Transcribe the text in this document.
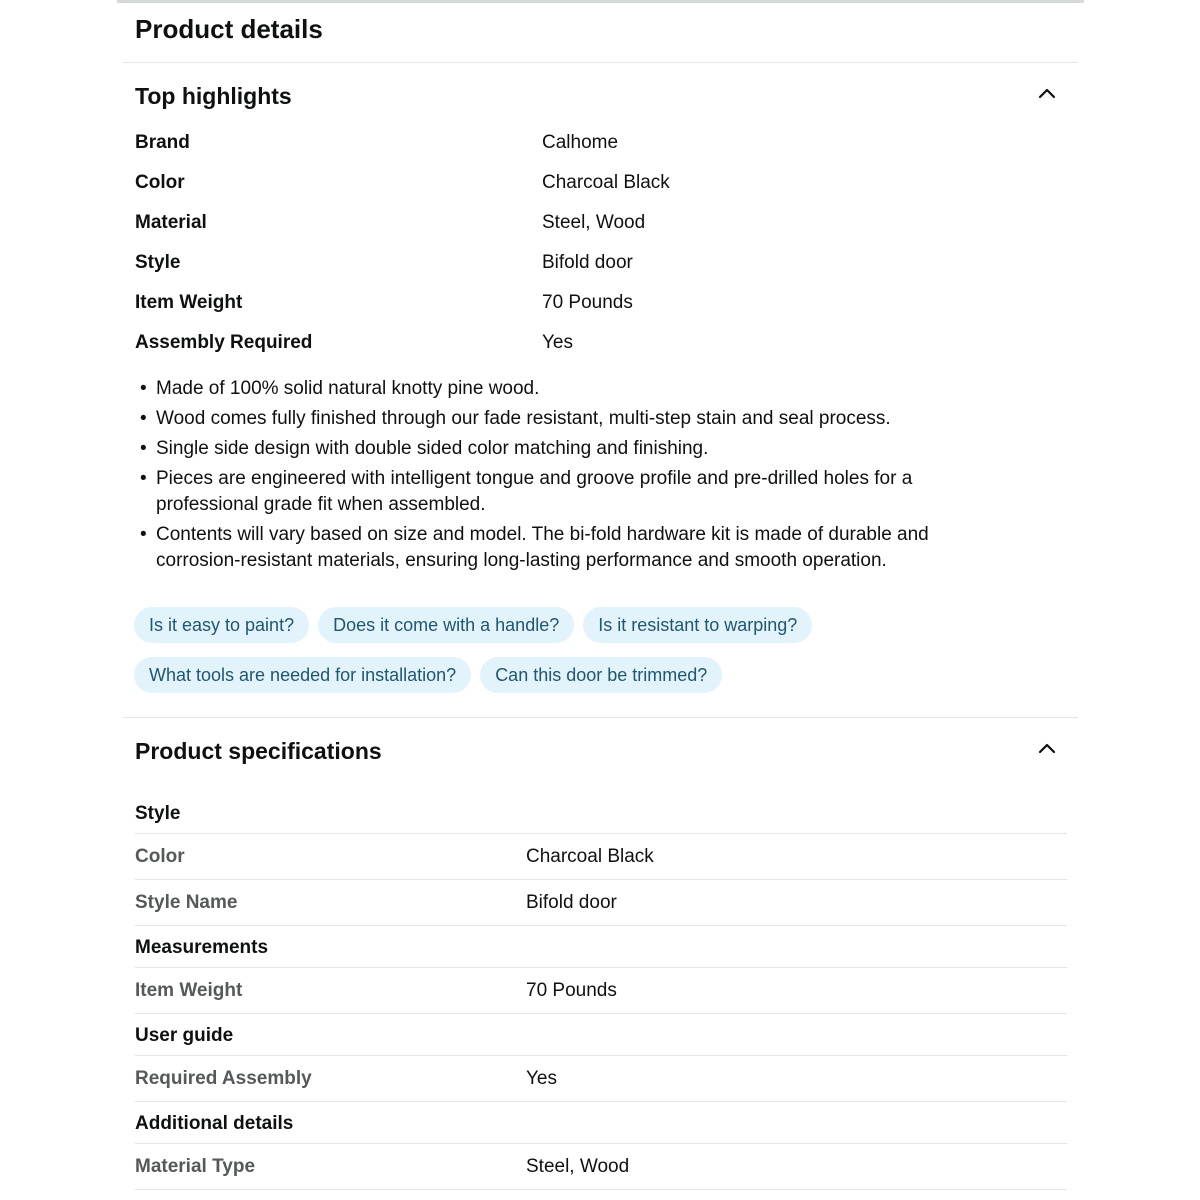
Product details
Top highlights
Brand	Calhome
Color	Charcoal Black
Material	Steel, Wood
Style	Bifold door
Item Weight	70 Pounds
Assembly Required	Yes
• Made of 100% solid natural knotty pine wood.
• Wood comes fully finished through our fade resistant, multi-step stain and seal process.
• Single side design with double sided color matching and finishing.
• Pieces are engineered with intelligent tongue and groove profile and pre-drilled holes for a professional grade fit when assembled.
• Contents will vary based on size and model. The bi-fold hardware kit is made of durable and corrosion-resistant materials, ensuring long-lasting performance and smooth operation.
Is it easy to paint?	Does it come with a handle?	Is it resistant to warping?
What tools are needed for installation?	Can this door be trimmed?
Product specifications
Style
Color	Charcoal Black
Style Name	Bifold door
Measurements
Item Weight	70 Pounds
User guide
Required Assembly	Yes
Additional details
Material Type	Steel, Wood
